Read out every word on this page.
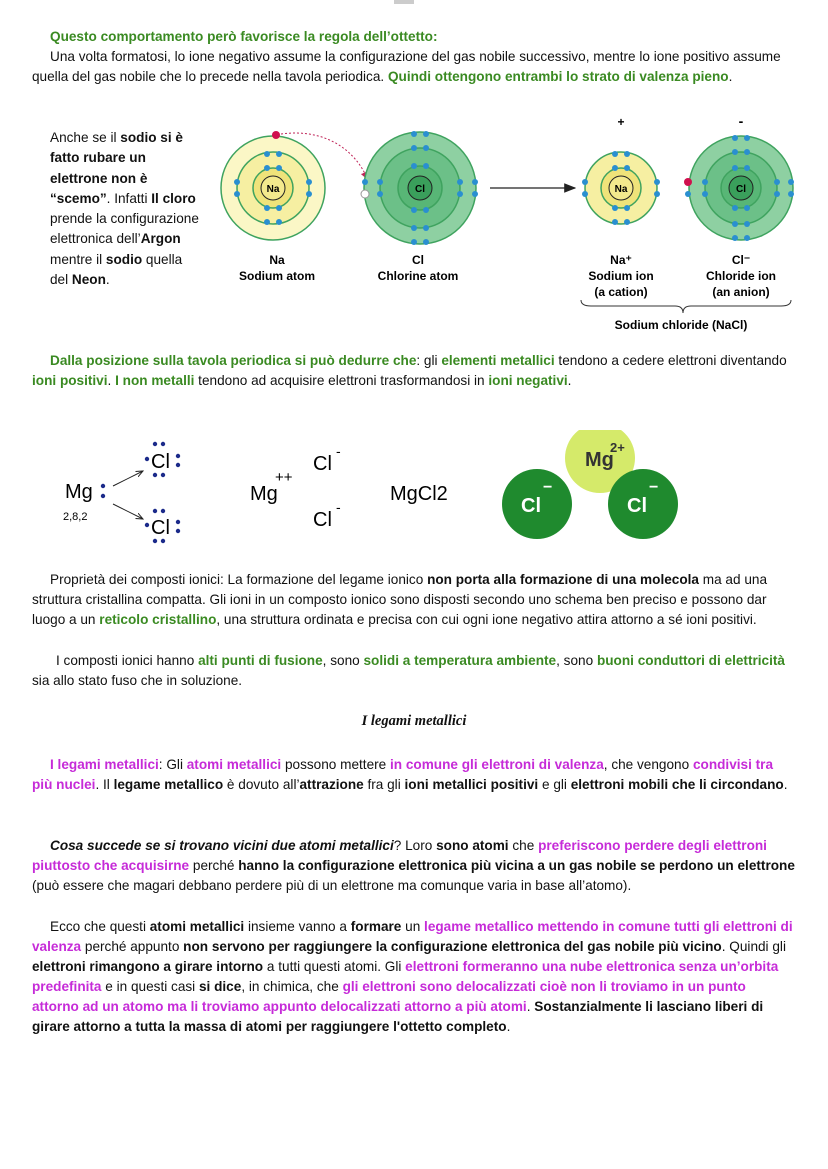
Questo comportamento però favorisce la regola dell’ottetto:
Una volta formatosi, lo ione negativo assume la configurazione del gas nobile successivo, mentre lo ione positivo assume quella del gas nobile che lo precede nella tavola periodica. Quindi ottengono entrambi lo strato di valenza pieno.

Anche se il sodio si è fatto rubare un elettrone non è “scemo”. Infatti Il cloro prende la configurazione elettronica dell’Argon mentre il sodio quella del Neon.
Na	Cl
+
Na
-
Cl
Na
Sodium atom
Cl
Chlorine atom
Na⁺
Sodium ion
(a cation)
Cl⁻
Chloride ion
(an anion)
Sodium chloride (NaCl)

Dalla posizione sulla tavola periodica si può dedurre che: gli elementi metallici tendono a cedere elettroni diventando ioni positivi. I non metalli tendono ad acquisire elettroni trasformandosi in ioni negativi.

Mg
2,8,2
Cl
Cl
Mg
++
Cl
-
Cl
-
MgCl2
Mg
2+
Cl
−
Cl
−

Proprietà dei composti ionici: La formazione del legame ionico non porta alla formazione di una molecola ma ad una struttura cristallina compatta. Gli ioni in un composto ionico sono disposti secondo uno schema ben preciso e possono dar luogo a un reticolo cristallino, una struttura ordinata e precisa con cui ogni ione negativo attira attorno a sé ioni positivi.

I composti ionici hanno alti punti di fusione, sono solidi a temperatura ambiente, sono buoni conduttori di elettricità sia allo stato fuso che in soluzione.

I legami metallici

I legami metallici: Gli atomi metallici possono mettere in comune gli elettroni di valenza, che vengono condivisi tra più nuclei. Il legame metallico è dovuto all’attrazione fra gli ioni metallici positivi e gli elettroni mobili che li circondano.

Cosa succede se si trovano vicini due atomi metallici? Loro sono atomi che preferiscono perdere degli elettroni piuttosto che acquisirne perché hanno la configurazione elettronica più vicina a un gas nobile se perdono un elettrone (può essere che magari debbano perdere più di un elettrone ma comunque varia in base all’atomo).

Ecco che questi atomi metallici insieme vanno a formare un legame metallico mettendo in comune tutti gli elettroni di valenza perché appunto non servono per raggiungere la configurazione elettronica del gas nobile più vicino. Quindi gli elettroni rimangono a girare intorno a tutti questi atomi. Gli elettroni formeranno una nube elettronica senza un’orbita predefinita e in questi casi si dice, in chimica, che gli elettroni sono delocalizzati cioè non li troviamo in un punto attorno ad un atomo ma li troviamo appunto delocalizzati attorno a più atomi. Sostanzialmente li lasciano liberi di girare attorno a tutta la massa di atomi per raggiungere l'ottetto completo.
